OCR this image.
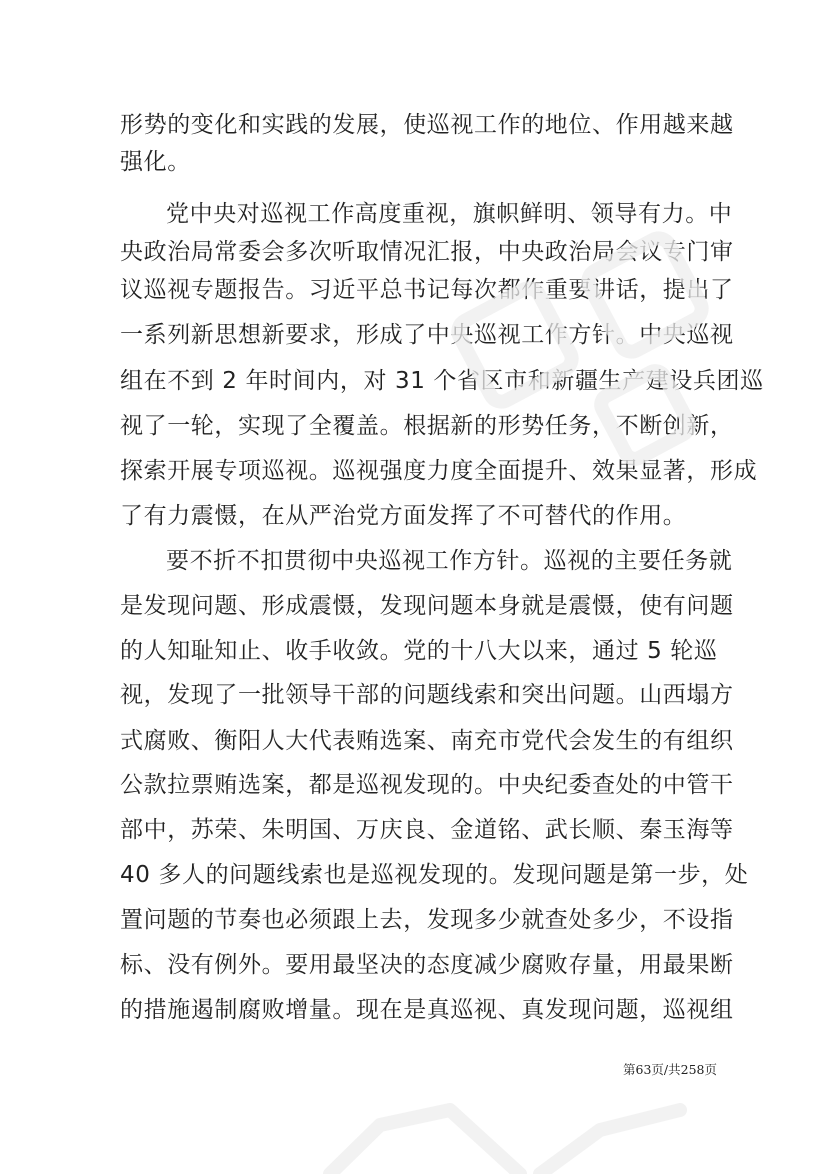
形势的变化和实践的发展，使巡视工作的地位、作用越来越
强化。
党中央对巡视工作高度重视，旗帜鲜明、领导有力。中
央政治局常委会多次听取情况汇报，中央政治局会议专门审
议巡视专题报告。习近平总书记每次都作重要讲话，提出了
一系列新思想新要求，形成了中央巡视工作方针。中央巡视
组在不到 2 年时间内，对 31 个省区市和新疆生产建设兵团巡
视了一轮，实现了全覆盖。根据新的形势任务，不断创新，
探索开展专项巡视。巡视强度力度全面提升、效果显著，形成
了有力震慑，在从严治党方面发挥了不可替代的作用。
要不折不扣贯彻中央巡视工作方针。巡视的主要任务就
是发现问题、形成震慑，发现问题本身就是震慑，使有问题
的人知耻知止、收手收敛。党的十八大以来，通过 5 轮巡
视，发现了一批领导干部的问题线索和突出问题。山西塌方
式腐败、衡阳人大代表贿选案、南充市党代会发生的有组织
公款拉票贿选案，都是巡视发现的。中央纪委查处的中管干
部中，苏荣、朱明国、万庆良、金道铭、武长顺、秦玉海等
40 多人的问题线索也是巡视发现的。发现问题是第一步，处
置问题的节奏也必须跟上去，发现多少就查处多少，不设指
标、没有例外。要用最坚决的态度减少腐败存量，用最果断
的措施遏制腐败增量。现在是真巡视、真发现问题，巡视组
第63页/共258页
